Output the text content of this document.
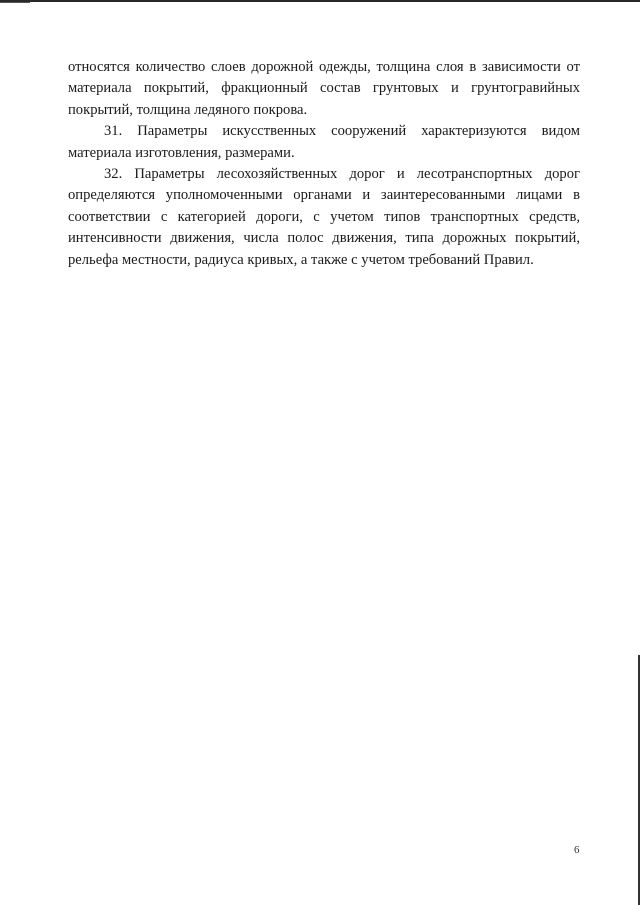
относятся количество слоев дорожной одежды, толщина слоя в зависимости от материала покрытий, фракционный состав грунтовых и грунтогравийных покрытий, толщина ледяного покрова.

31. Параметры искусственных сооружений характеризуются видом материала изготовления, размерами.

32. Параметры лесохозяйственных дорог и лесотранспортных дорог определяются уполномоченными органами и заинтересованными лицами в соответствии с категорией дороги, с учетом типов транспортных средств, интенсивности движения, числа полос движения, типа дорожных покрытий, рельефа местности, радиуса кривых, а также с учетом требований Правил.

6
